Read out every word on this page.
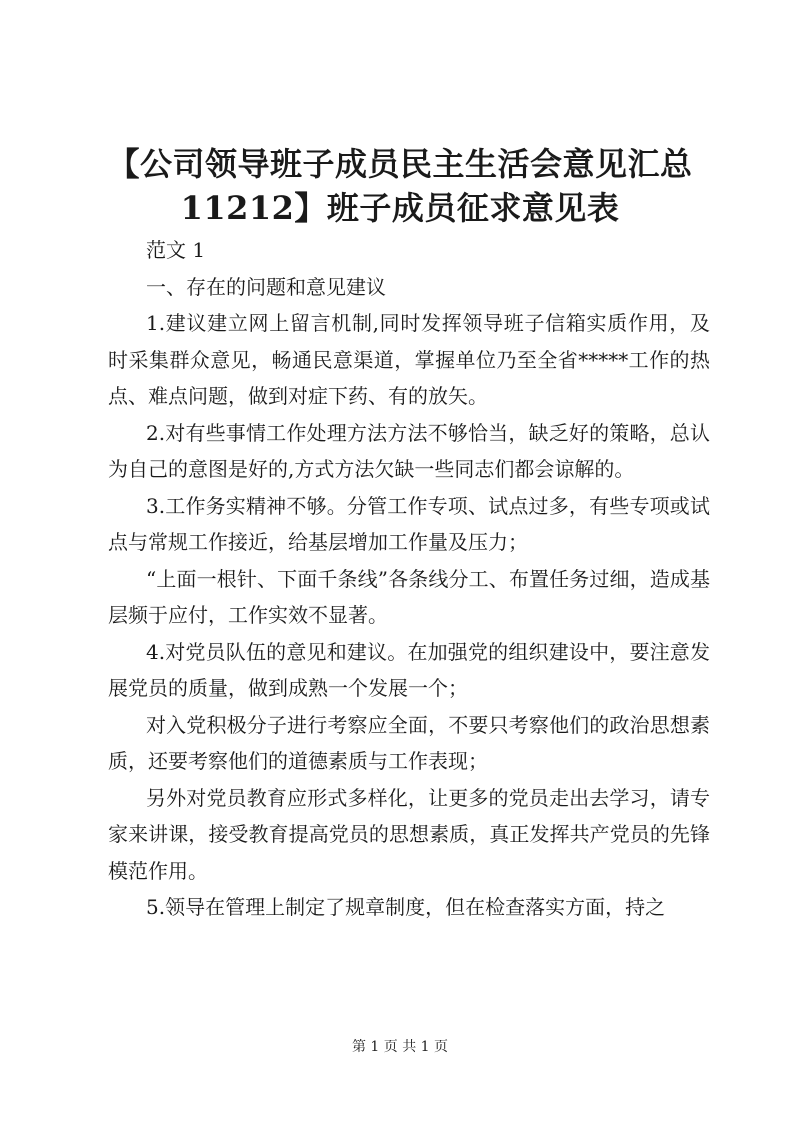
【公司领导班子成员民主生活会意见汇总
11212】班子成员征求意见表

范文 1

一、存在的问题和意见建议

1.建议建立网上留言机制,同时发挥领导班子信箱实质作用，及时采集群众意见，畅通民意渠道，掌握单位乃至全省*****工作的热点、难点问题，做到对症下药、有的放矢。

2.对有些事情工作处理方法方法不够恰当，缺乏好的策略，总认为自己的意图是好的,方式方法欠缺一些同志们都会谅解的。

3.工作务实精神不够。分管工作专项、试点过多，有些专项或试点与常规工作接近，给基层增加工作量及压力；

“上面一根针、下面千条线”各条线分工、布置任务过细，造成基层频于应付，工作实效不显著。

4.对党员队伍的意见和建议。在加强党的组织建设中，要注意发展党员的质量，做到成熟一个发展一个；

对入党积极分子进行考察应全面，不要只考察他们的政治思想素质，还要考察他们的道德素质与工作表现；

另外对党员教育应形式多样化，让更多的党员走出去学习，请专家来讲课，接受教育提高党员的思想素质，真正发挥共产党员的先锋模范作用。

5.领导在管理上制定了规章制度，但在检查落实方面，持之

第 1 页 共 1 页
